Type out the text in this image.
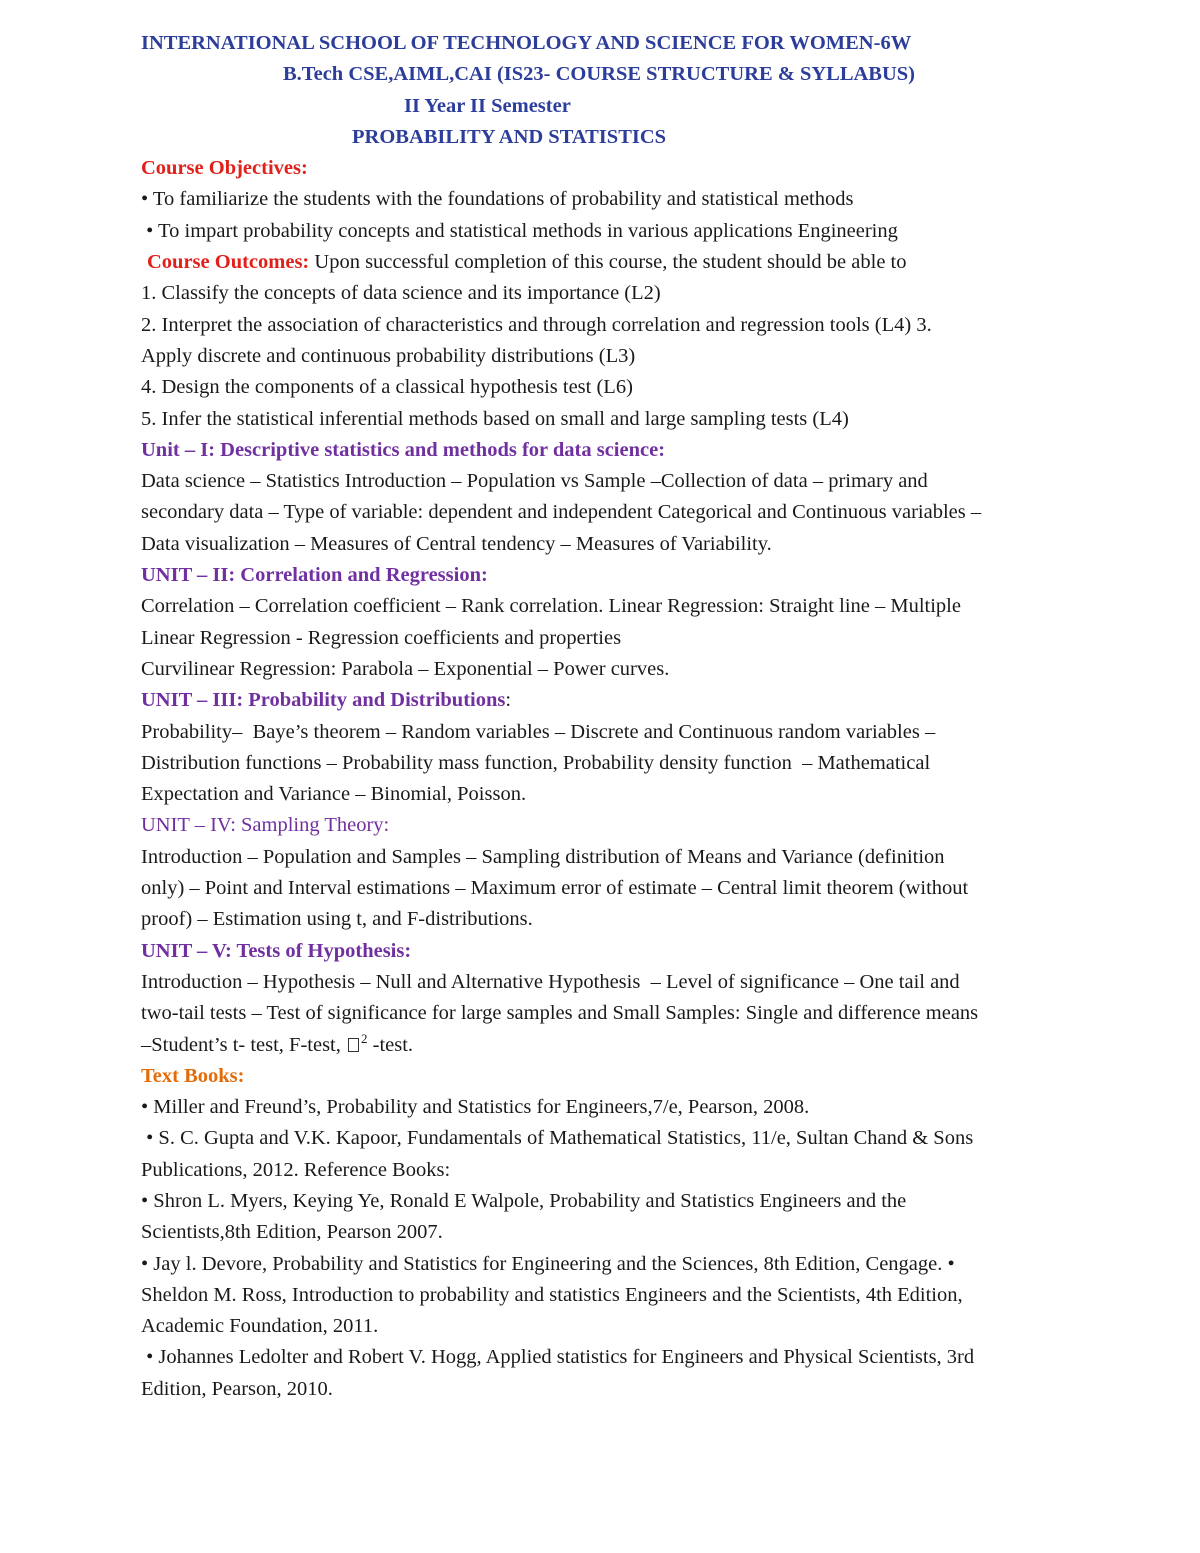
INTERNATIONAL SCHOOL OF TECHNOLOGY AND SCIENCE FOR WOMEN-6W
B.Tech CSE,AIML,CAI (IS23- COURSE STRUCTURE & SYLLABUS)
II Year II Semester
PROBABILITY AND STATISTICS
Course Objectives:
• To familiarize the students with the foundations of probability and statistical methods
• To impart probability concepts and statistical methods in various applications Engineering
Course Outcomes: Upon successful completion of this course, the student should be able to
1. Classify the concepts of data science and its importance (L2)
2. Interpret the association of characteristics and through correlation and regression tools (L4) 3.
Apply discrete and continuous probability distributions (L3)
4. Design the components of a classical hypothesis test (L6)
5. Infer the statistical inferential methods based on small and large sampling tests (L4)
Unit – I: Descriptive statistics and methods for data science:
Data science – Statistics Introduction – Population vs Sample –Collection of data – primary and
secondary data – Type of variable: dependent and independent Categorical and Continuous variables –
Data visualization – Measures of Central tendency – Measures of Variability.
UNIT – II: Correlation and Regression:
Correlation – Correlation coefficient – Rank correlation. Linear Regression: Straight line – Multiple
Linear Regression - Regression coefficients and properties
Curvilinear Regression: Parabola – Exponential – Power curves.
UNIT – III: Probability and Distributions:
Probability–  Baye’s theorem – Random variables – Discrete and Continuous random variables –
Distribution functions – Probability mass function, Probability density function  – Mathematical
Expectation and Variance – Binomial, Poisson.
UNIT – IV: Sampling Theory:
Introduction – Population and Samples – Sampling distribution of Means and Variance (definition
only) – Point and Interval estimations – Maximum error of estimate – Central limit theorem (without
proof) – Estimation using t, and F-distributions.
UNIT – V: Tests of Hypothesis:
Introduction – Hypothesis – Null and Alternative Hypothesis  – Level of significance – One tail and
two-tail tests – Test of significance for large samples and Small Samples: Single and difference means
–Student’s t- test, F-test, $^2$ -test.
Text Books:
• Miller and Freund’s, Probability and Statistics for Engineers,7/e, Pearson, 2008.
• S. C. Gupta and V.K. Kapoor, Fundamentals of Mathematical Statistics, 11/e, Sultan Chand & Sons
Publications, 2012. Reference Books:
• Shron L. Myers, Keying Ye, Ronald E Walpole, Probability and Statistics Engineers and the
Scientists,8th Edition, Pearson 2007.
• Jay l. Devore, Probability and Statistics for Engineering and the Sciences, 8th Edition, Cengage. •
Sheldon M. Ross, Introduction to probability and statistics Engineers and the Scientists, 4th Edition,
Academic Foundation, 2011.
• Johannes Ledolter and Robert V. Hogg, Applied statistics for Engineers and Physical Scientists, 3rd
Edition, Pearson, 2010.
